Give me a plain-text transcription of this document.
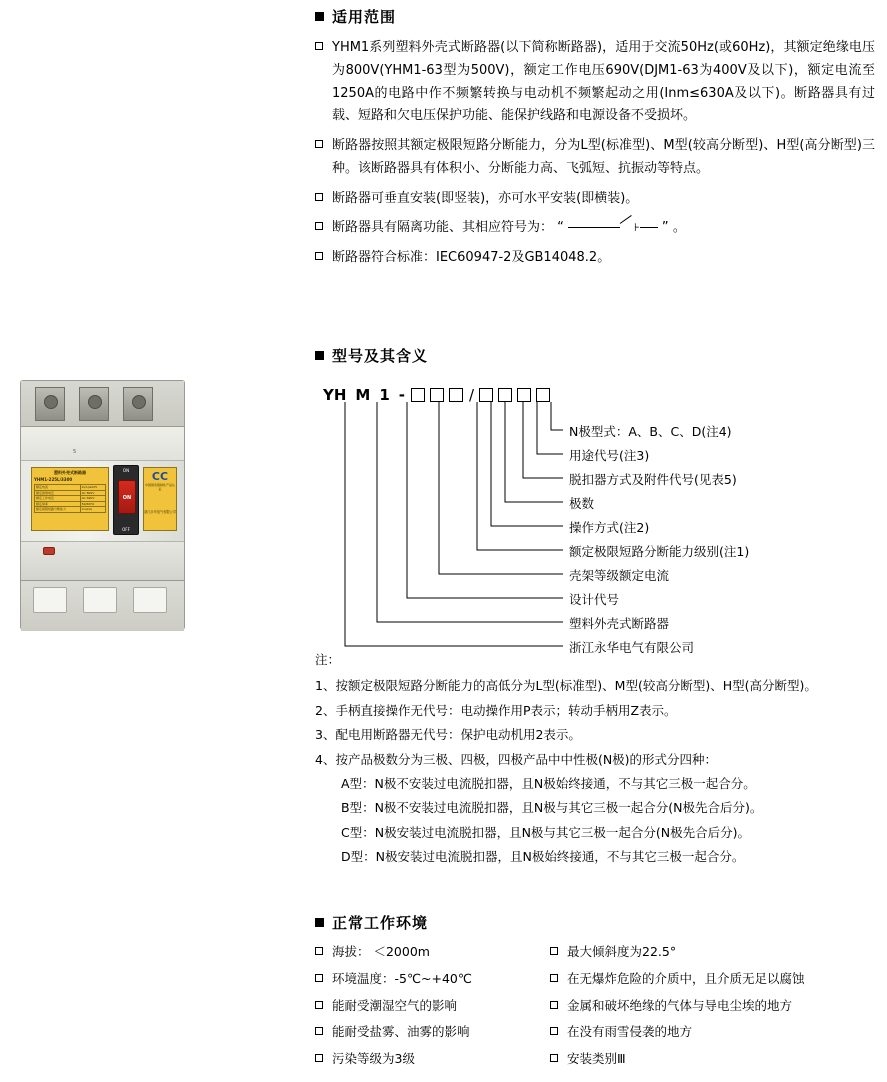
5
塑料外壳式断路器
YHM1-225L/3300
额定电流	In(A)≤225
额定绝缘电压	AC 800V
额定工作电压	AC 690V
额定频率	50/60Hz
额定极限短路分断能力	Icu(kA)
ON
ON
OFF
CC
中国国家强制性产品认证
浙江永华电气有限公司
适用范围
YHM1系列塑料外壳式断路器(以下简称断路器)，适用于交流50Hz(或60Hz)，其额定绝缘电压为800V(YHM1-63型为500V)，额定工作电压690V(DJM1-63为400V及以下)，额定电流至1250A的电路中作不频繁转换与电动机不频繁起动之用(Inm≤630A及以下)。断路器具有过载、短路和欠电压保护功能、能保护线路和电源设备不受损坏。
断路器按照其额定极限短路分断能力，分为L型(标准型)、M型(较高分断型)、H型(高分断型)三种。该断路器具有体积小、分断能力高、飞弧短、抗振动等特点。
断路器可垂直安装(即竖装)，亦可水平安装(即横装)。
断路器具有隔离功能、其相应符号为： “	⊦ ” 。
断路器符合标准：IEC60947-2及GB14048.2。
型号及其含义
YH M 1 -	/
N极型式：A、B、C、D(注4)
用途代号(注3)
脱扣器方式及附件代号(见表5)
极数
操作方式(注2)
额定极限短路分断能力级别(注1)
壳架等级额定电流
设计代号
塑料外壳式断路器
浙江永华电气有限公司
注：
1、按额定极限短路分断能力的高低分为L型(标准型)、M型(较高分断型)、H型(高分断型)。
2、手柄直接操作无代号：电动操作用P表示；转动手柄用Z表示。
3、配电用断路器无代号：保护电动机用2表示。
4、按产品极数分为三极、四极，四极产品中中性极(N极)的形式分四种：
A型：N极不安装过电流脱扣器，且N极始终接通，不与其它三极一起合分。
B型：N极不安装过电流脱扣器，且N极与其它三极一起合分(N极先合后分)。
C型：N极安装过电流脱扣器，且N极与其它三极一起合分(N极先合后分)。
D型：N极安装过电流脱扣器，且N极始终接通，不与其它三极一起合分。
正常工作环境
海拔： ＜2000m
环境温度：-5℃~+40℃
能耐受潮湿空气的影响
能耐受盐雾、油雾的影响
污染等级为3级
最大倾斜度为22.5°
在无爆炸危险的介质中，且介质无足以腐蚀
金属和破坏绝缘的气体与导电尘埃的地方
在没有雨雪侵袭的地方
安装类别Ⅲ
